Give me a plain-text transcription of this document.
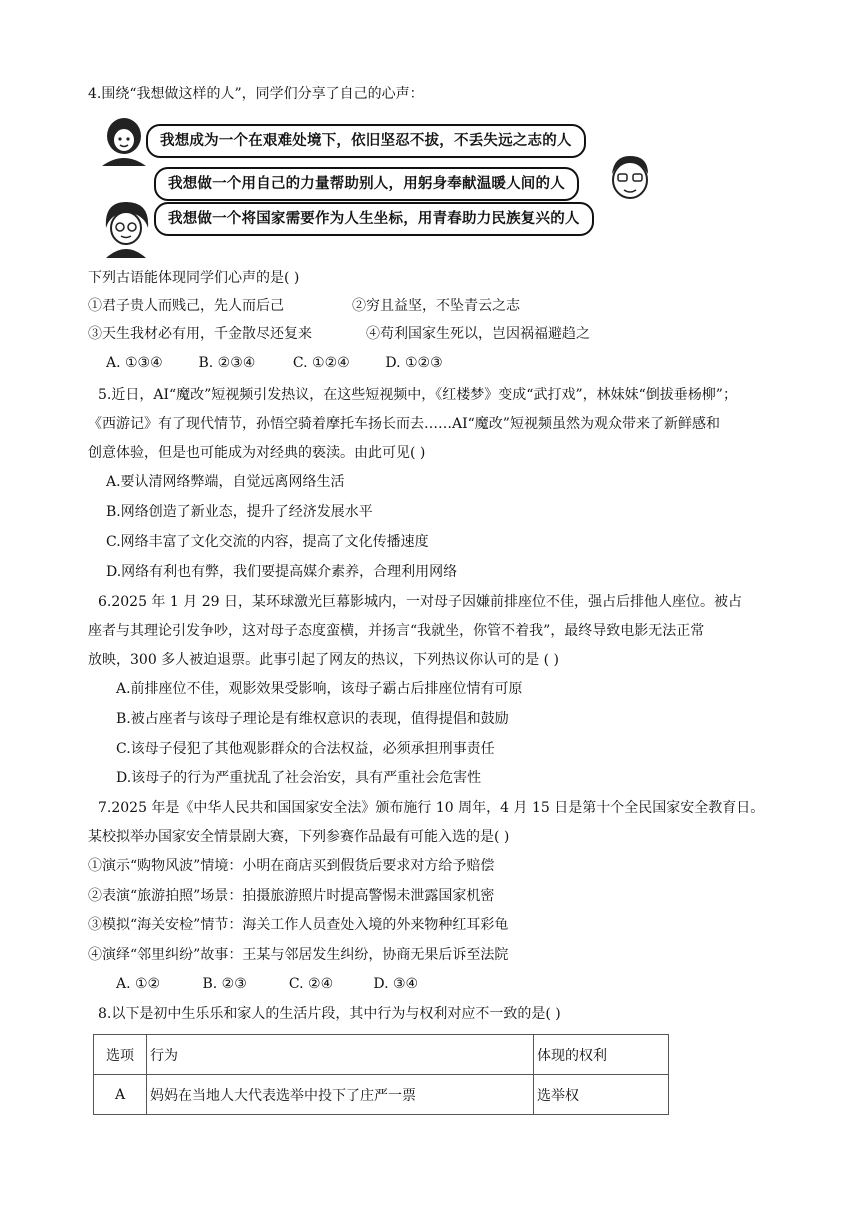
4.围绕“我想做这样的人”，同学们分享了自己的心声：
我想成为一个在艰难处境下，依旧坚忍不拔，不丢失远之志的人
我想做一个用自己的力量帮助别人，用躬身奉献温暖人间的人
我想做一个将国家需要作为人生坐标，用青春助力民族复兴的人
下列古语能体现同学们心声的是( )
①君子贵人而贱己，先人而后己	②穷且益坚，不坠青云之志
③天生我材必有用，千金散尽还复来	④苟利国家生死以，岂因祸福避趋之
A. ①③④	B. ②③④	C. ①②④	D. ①②③
5.近日，AI“魔改”短视频引发热议，在这些短视频中，《红楼梦》变成“武打戏”，林妹妹“倒拔垂杨柳”；
《西游记》有了现代情节，孙悟空骑着摩托车扬长而去……AI“魔改”短视频虽然为观众带来了新鲜感和
创意体验，但是也可能成为对经典的亵渎。由此可见( )
A.要认清网络弊端，自觉远离网络生活
B.网络创造了新业态，提升了经济发展水平
C.网络丰富了文化交流的内容，提高了文化传播速度
D.网络有利也有弊，我们要提高媒介素养，合理利用网络
6.2025 年 1 月 29 日，某环球激光巨幕影城内，一对母子因嫌前排座位不佳，强占后排他人座位。被占
座者与其理论引发争吵，这对母子态度蛮横，并扬言“我就坐，你管不着我”，最终导致电影无法正常
放映，300 多人被迫退票。此事引起了网友的热议，下列热议你认可的是 ( )
A.前排座位不佳，观影效果受影响，该母子霸占后排座位情有可原
B.被占座者与该母子理论是有维权意识的表现，值得提倡和鼓励
C.该母子侵犯了其他观影群众的合法权益，必须承担刑事责任
D.该母子的行为严重扰乱了社会治安，具有严重社会危害性
7.2025 年是《中华人民共和国国家安全法》颁布施行 10 周年，4 月 15 日是第十个全民国家安全教育日。
某校拟举办国家安全情景剧大赛，下列参赛作品最有可能入选的是( )
①演示“购物风波”情境：小明在商店买到假货后要求对方给予赔偿
②表演“旅游拍照”场景：拍摄旅游照片时提高警惕未泄露国家机密
③模拟“海关安检”情节：海关工作人员查处入境的外来物种红耳彩龟
④演绎“邻里纠纷”故事：王某与邻居发生纠纷，协商无果后诉至法院
A. ①②	B. ②③	C. ②④	D. ③④
8.以下是初中生乐乐和家人的生活片段，其中行为与权利对应不一致的是( )
选项	行为	体现的权利
A	妈妈在当地人大代表选举中投下了庄严一票	选举权
